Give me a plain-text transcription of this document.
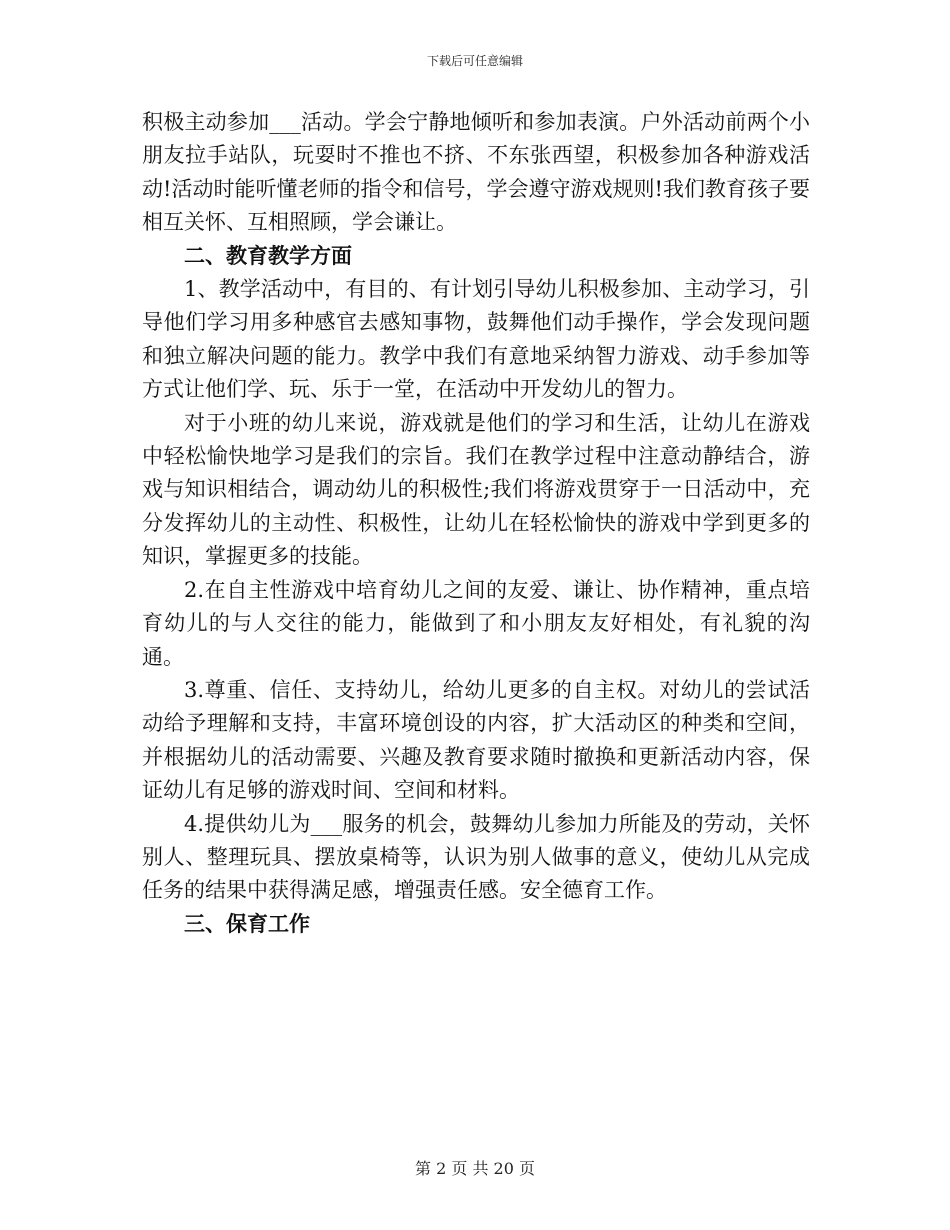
下载后可任意编辑

积极主动参加___活动。学会宁静地倾听和参加表演。户外活动前两个小朋友拉手站队，玩耍时不推也不挤、不东张西望，积极参加各种游戏活动!活动时能听懂老师的指令和信号，学会遵守游戏规则!我们教育孩子要相互关怀、互相照顾，学会谦让。

二、教育教学方面

1、教学活动中，有目的、有计划引导幼儿积极参加、主动学习，引导他们学习用多种感官去感知事物，鼓舞他们动手操作，学会发现问题和独立解决问题的能力。教学中我们有意地采纳智力游戏、动手参加等方式让他们学、玩、乐于一堂，在活动中开发幼儿的智力。

对于小班的幼儿来说，游戏就是他们的学习和生活，让幼儿在游戏中轻松愉快地学习是我们的宗旨。我们在教学过程中注意动静结合，游戏与知识相结合，调动幼儿的积极性;我们将游戏贯穿于一日活动中，充分发挥幼儿的主动性、积极性，让幼儿在轻松愉快的游戏中学到更多的知识，掌握更多的技能。

2.在自主性游戏中培育幼儿之间的友爱、谦让、协作精神，重点培育幼儿的与人交往的能力，能做到了和小朋友友好相处，有礼貌的沟通。

3.尊重、信任、支持幼儿，给幼儿更多的自主权。对幼儿的尝试活动给予理解和支持，丰富环境创设的内容，扩大活动区的种类和空间，并根据幼儿的活动需要、兴趣及教育要求随时撤换和更新活动内容，保证幼儿有足够的游戏时间、空间和材料。

4.提供幼儿为___服务的机会，鼓舞幼儿参加力所能及的劳动，关怀别人、整理玩具、摆放桌椅等，认识为别人做事的意义，使幼儿从完成任务的结果中获得满足感，增强责任感。安全德育工作。

三、保育工作

第 2 页 共 20 页
